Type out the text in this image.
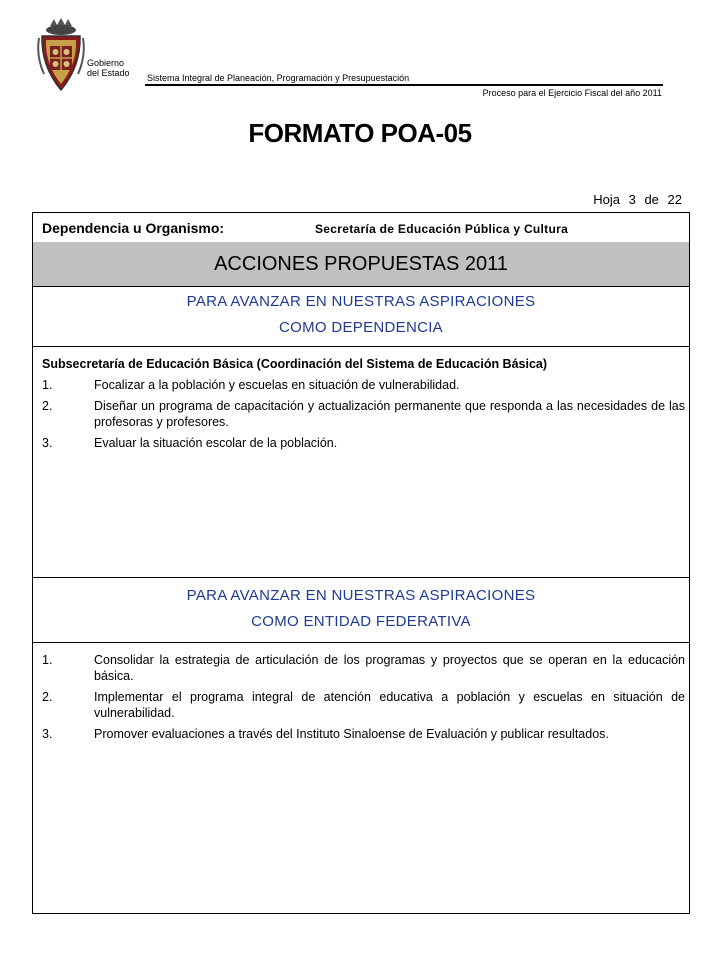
Gobierno
del Estado Sistema Integral de Planeación, Programación y Presupuestación
Proceso para el Ejercicio Fiscal del año 2011
FORMATO POA-05
Hoja 3 de 22
Dependencia u Organismo:	Secretaría de Educación Pública y Cultura
ACCIONES PROPUESTAS 2011
PARA AVANZAR EN NUESTRAS ASPIRACIONES
COMO DEPENDENCIA
Subsecretaría de Educación Básica (Coordinación del Sistema de Educación Básica)
1.	Focalizar a la población y escuelas en situación de vulnerabilidad.
2.	Diseñar un programa de capacitación y actualización permanente que responda a las necesidades de las profesoras y profesores.
3.	Evaluar la situación escolar de la población.
PARA AVANZAR EN NUESTRAS ASPIRACIONES
COMO ENTIDAD FEDERATIVA
1.	Consolidar la estrategia de articulación de los programas y proyectos que se operan en la educación básica.
2.	Implementar el programa integral de atención educativa a población y escuelas en situación de vulnerabilidad.
3.	Promover evaluaciones a través del Instituto Sinaloense de Evaluación y publicar resultados.
